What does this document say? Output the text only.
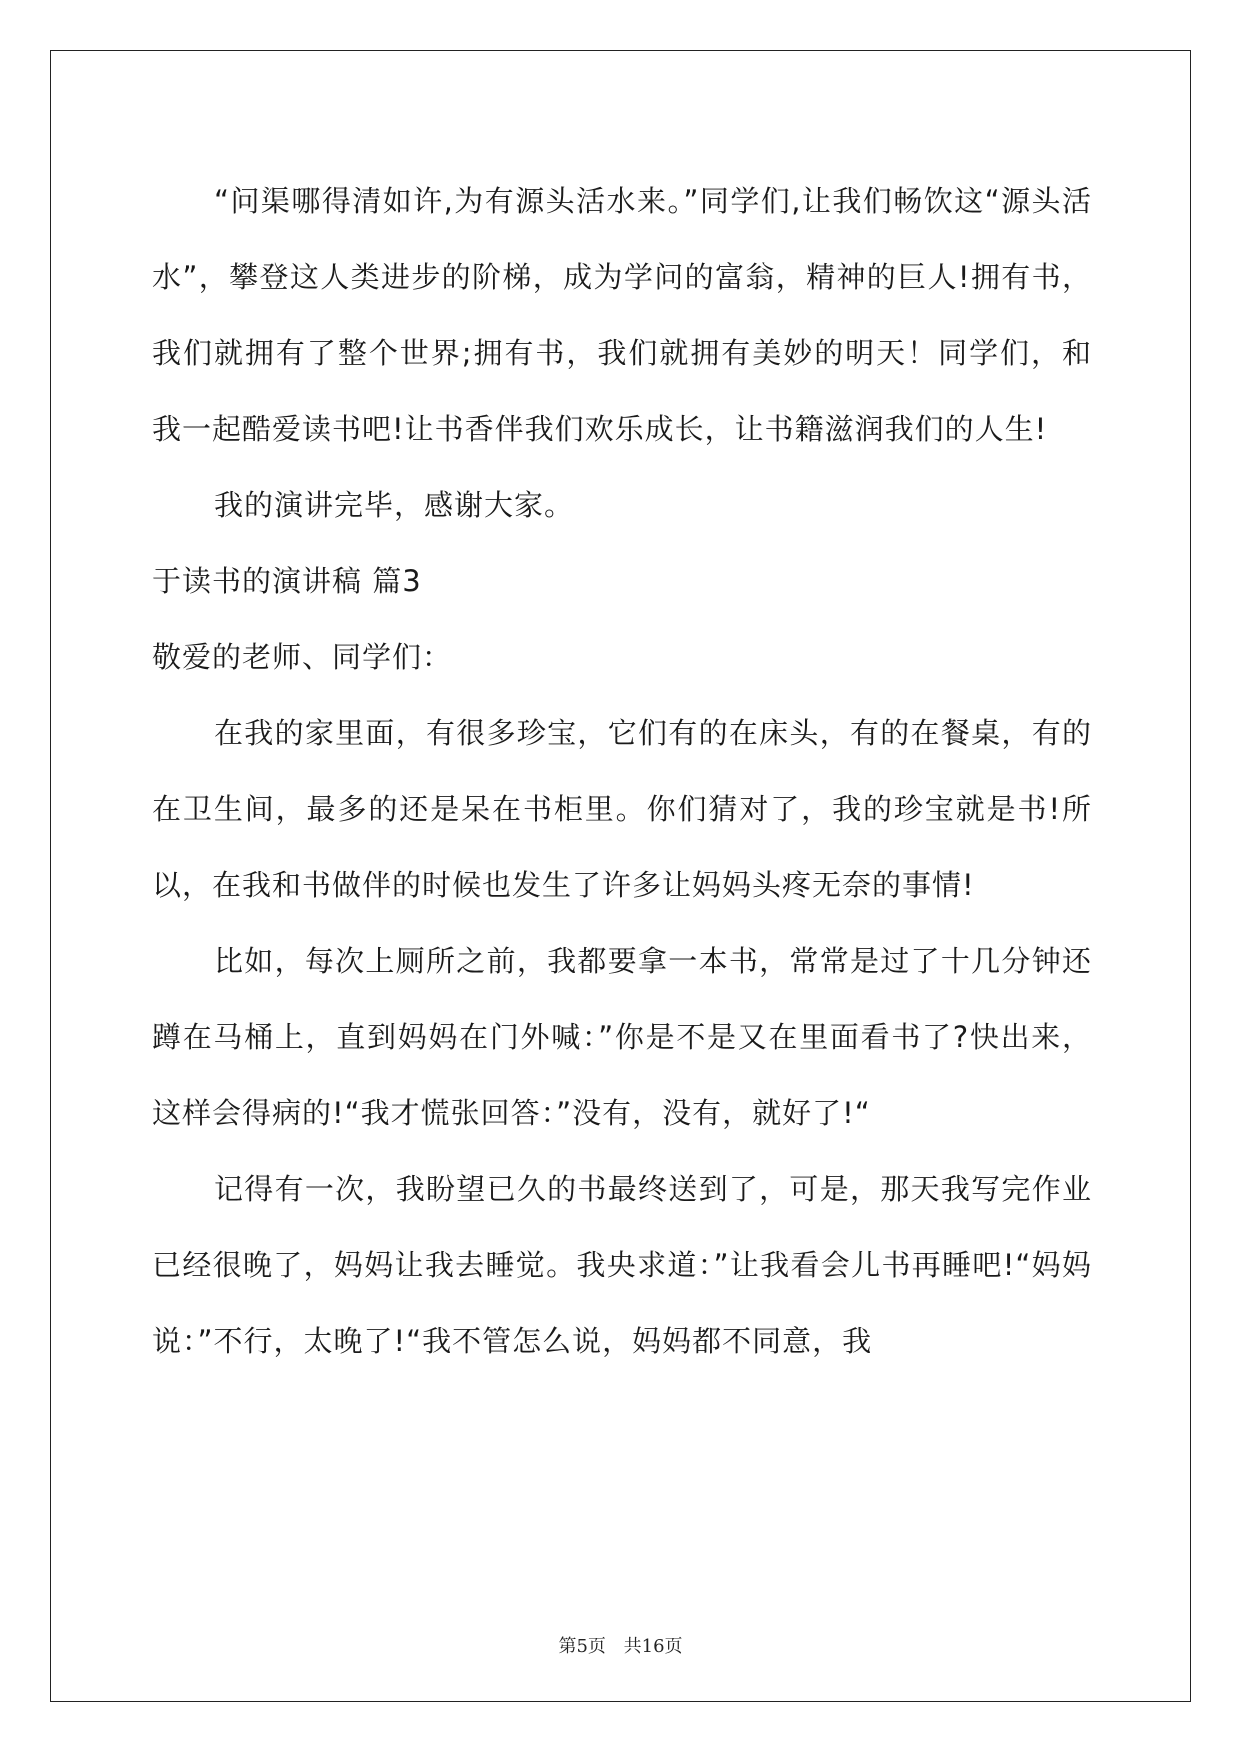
“问渠哪得清如许,为有源头活水来。”同学们,让我们畅饮这“源头活水”，攀登这人类进步的阶梯，成为学问的富翁，精神的巨人!拥有书，我们就拥有了整个世界;拥有书，我们就拥有美妙的明天！同学们，和我一起酷爱读书吧!让书香伴我们欢乐成长，让书籍滋润我们的人生!

我的演讲完毕，感谢大家。

于读书的演讲稿 篇3

敬爱的老师、同学们：

在我的家里面，有很多珍宝，它们有的在床头，有的在餐桌，有的在卫生间，最多的还是呆在书柜里。你们猜对了，我的珍宝就是书!所以，在我和书做伴的时候也发生了许多让妈妈头疼无奈的事情!

比如，每次上厕所之前，我都要拿一本书，常常是过了十几分钟还蹲在马桶上，直到妈妈在门外喊：”你是不是又在里面看书了?快出来，这样会得病的!“我才慌张回答：”没有，没有，就好了!“

记得有一次，我盼望已久的书最终送到了，可是，那天我写完作业已经很晚了，妈妈让我去睡觉。我央求道：”让我看会儿书再睡吧!“妈妈说：”不行，太晚了!“我不管怎么说，妈妈都不同意，我

第5页 共16页
